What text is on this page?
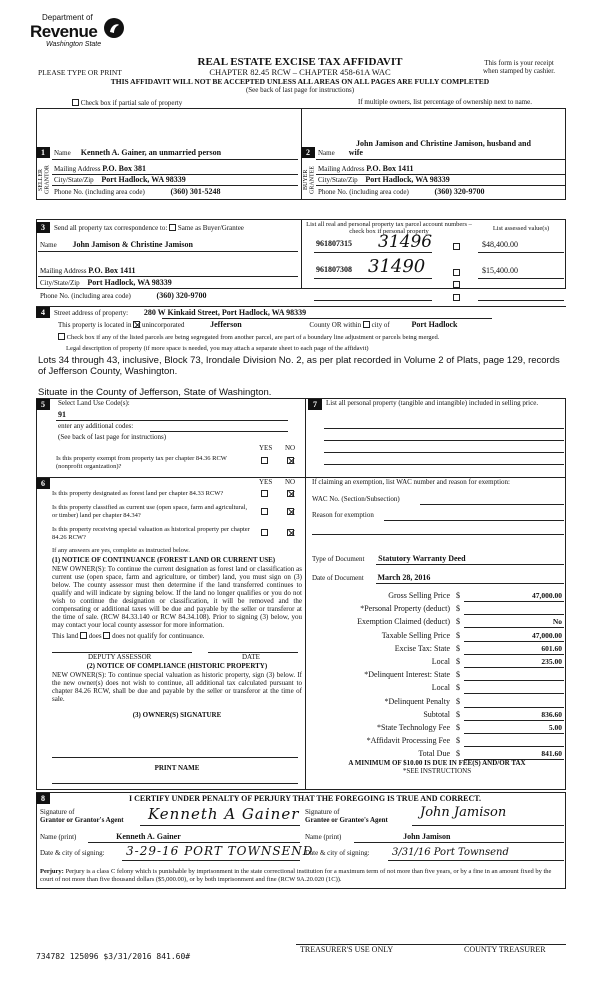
Department of
Revenue
Washington State
REAL ESTATE EXCISE TAX AFFIDAVIT
CHAPTER 82.45 RCW – CHAPTER 458-61A WAC
PLEASE TYPE OR PRINT
THIS AFFIDAVIT WILL NOT BE ACCEPTED UNLESS ALL AREAS ON ALL PAGES ARE FULLY COMPLETED
(See back of last page for instructions)
This form is your receipt
when stamped by cashier.
Check box if partial sale of property	If multiple owners, list percentage of ownership next to name.
1	2
Name Kenneth A. Gainer, an unmarried person
John Jamison and Christine Jamison, husband and
Name wife
SELLER GRANTOR	BUYER GRANTEE
Mailing Address P.O. Box 381
City/State/Zip Port Hadlock, WA 98339
Phone No. (including area code)	(360) 301-5248
Mailing Address P.O. Box 1411
City/State/Zip Port Hadlock, WA 98339
Phone No. (including area code)	(360) 320-9700
3	Send all property tax correspondence to: Same as Buyer/Grantee
Name John Jamison & Christine Jamison
Mailing Address P.O. Box 1411
City/State/Zip Port Hadlock, WA 98339
List all real and personal property tax parcel account numbers – check box if personal property	List assessed value(s)
961807315 31496	$48,400.00
961807308 31490	$15,400.00
Phone No. (including area code)	(360) 320-9700
4	Street address of property: 280 W Kinkaid Street, Port Hadlock, WA 98339
This property is located in unincorporated	Jefferson	County OR within city of	Port Hadlock
Check box if any of the listed parcels are being segregated from another parcel, are part of a boundary line adjustment or parcels being merged.
Legal description of property (if more space is needed, you may attach a separate sheet to each page of the affidavit)
Lots 34 through 43, inclusive, Block 73, Irondale Division No. 2, as per plat recorded in Volume 2 of Plats, page 129, records of Jefferson County, Washington.
Situate in the County of Jefferson, State of Washington.
5	Select Land Use Code(s):
91
enter any additional codes:
(See back of last page for instructions)
YES NO
Is this property exempt from property tax per chapter 84.36 RCW (nonprofit organization)?
7	List all personal property (tangible and intangible) included in selling price.
6	YES NO
Is this property designated as forest land per chapter 84.33 RCW?
Is this property classified as current use (open space, farm and agricultural, or timber) land per chapter 84.34?
Is this property receiving special valuation as historical property per chapter 84.26 RCW?
If any answers are yes, complete as instructed below.
(1) NOTICE OF CONTINUANCE (FOREST LAND OR CURRENT USE)
NEW OWNER(S): To continue the current designation as forest land or classification as current use (open space, farm and agriculture, or timber) land, you must sign on (3) below. The county assessor must then determine if the land transferred continues to qualify and will indicate by signing below. If the land no longer qualifies or you do not wish to continue the designation or classification, it will be removed and the compensating or additional taxes will be due and payable by the seller or transferor at the time of sale. (RCW 84.33.140 or RCW 84.34.108). Prior to signing (3) below, you may contact your local county assessor for more information.
This land does does not qualify for continuance.
DEPUTY ASSESSOR	DATE
(2) NOTICE OF COMPLIANCE (HISTORIC PROPERTY)
NEW OWNER(S): To continue special valuation as historic property, sign (3) below. If the new owner(s) does not wish to continue, all additional tax calculated pursuant to chapter 84.26 RCW, shall be due and payable by the seller or transferor at the time of sale.
(3) OWNER(S) SIGNATURE
PRINT NAME
If claiming an exemption, list WAC number and reason for exemption:
WAC No. (Section/Subsection)
Reason for exemption
Type of Document Statutory Warranty Deed
Date of Document March 28, 2016
Gross Selling Price $	47,000.00
*Personal Property (deduct) $
Exemption Claimed (deduct) $	No
Taxable Selling Price $	47,000.00
Excise Tax: State $	601.60
Local $	235.00
*Delinquent Interest: State $
Local $
*Delinquent Penalty $
Subtotal $	836.60
*State Technology Fee $	5.00
*Affidavit Processing Fee $
Total Due $	841.60
A MINIMUM OF $10.00 IS DUE IN FEE(S) AND/OR TAX
*SEE INSTRUCTIONS
8	I CERTIFY UNDER PENALTY OF PERJURY THAT THE FOREGOING IS TRUE AND CORRECT.
Signature of
Grantor or Grantor's Agent Kenneth A Gainer Signature of
Grantee or Grantee's Agent John Jamison
Name (print)	Kenneth A. Gainer	Name (print)	John Jamison
Date & city of signing: 3-29-16 PORT TOWNSEND
Date & city of signing: 3/31/16 Port Townsend
Perjury: Perjury is a class C felony which is punishable by imprisonment in the state correctional institution for a maximum term of not more than five years, or by a fine in an amount fixed by the court of not more than five thousand dollars ($5,000.00), or by both imprisonment and fine (RCW 9A.20.020 (1C)).
734782 125096 $3/31/2016 841.60#
TREASURER'S USE ONLY	COUNTY TREASURER
